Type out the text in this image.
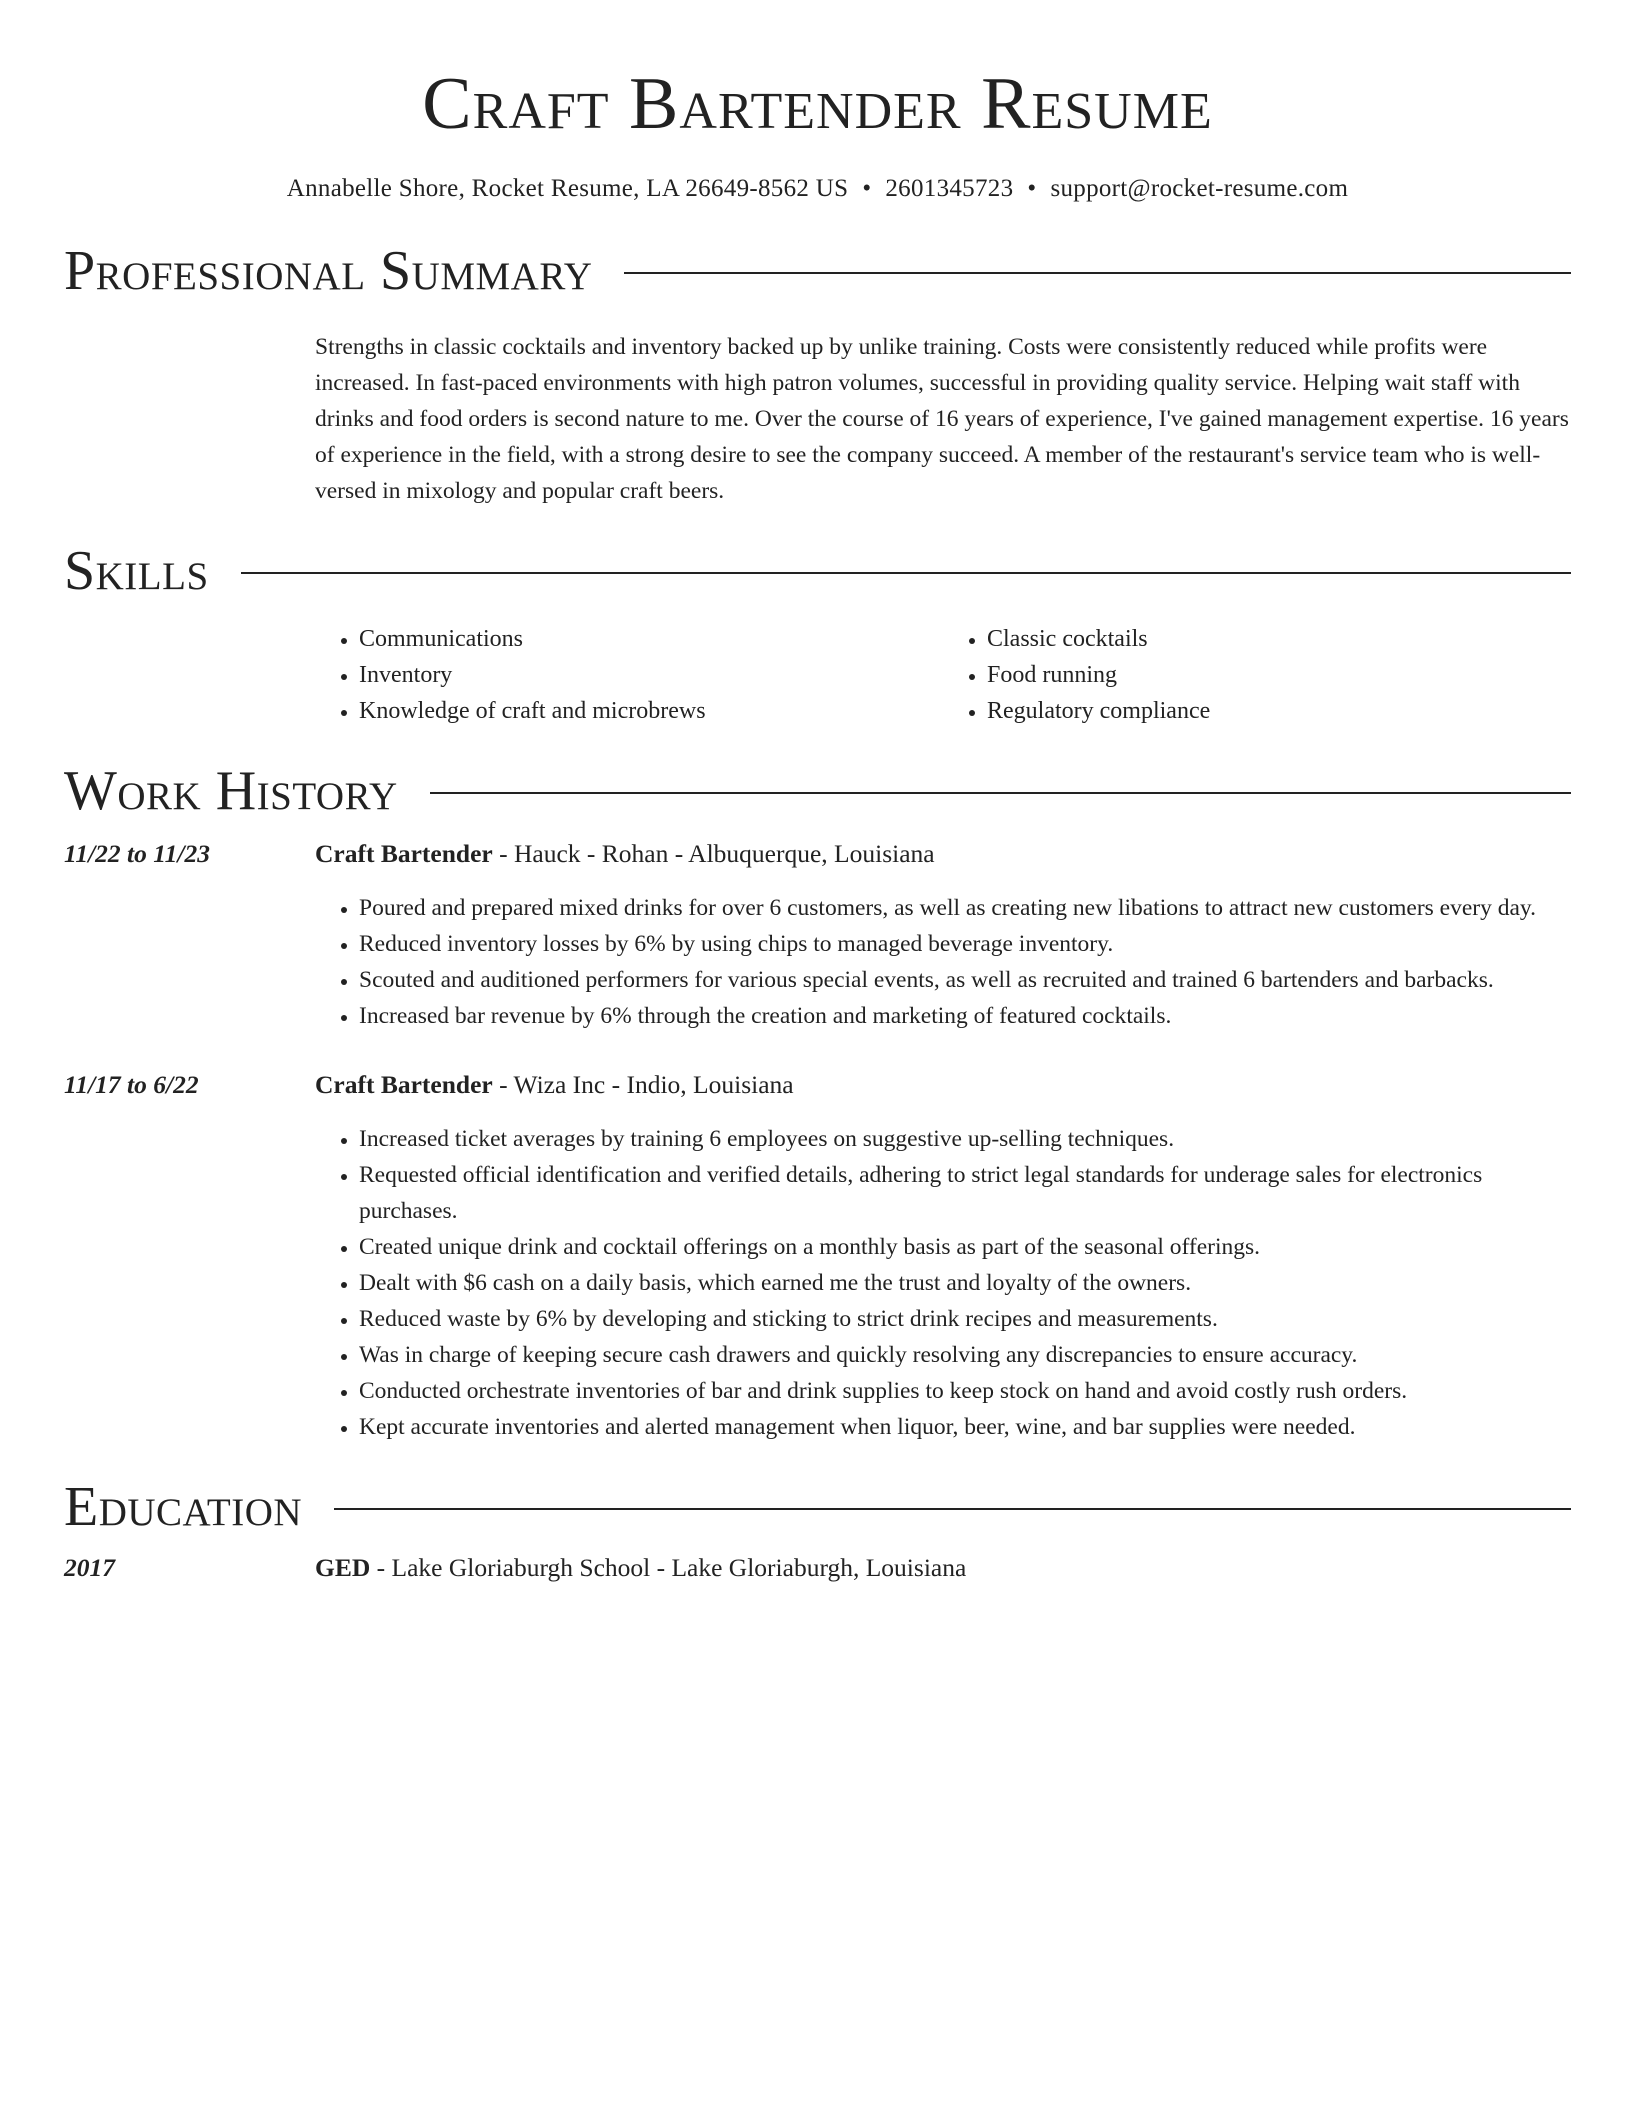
Craft Bartender Resume
Annabelle Shore, Rocket Resume, LA 26649-8562 US • 2601345723 • support@rocket-resume.com
Professional Summary
Strengths in classic cocktails and inventory backed up by unlike training. Costs were consistently reduced while profits were increased. In fast-paced environments with high patron volumes, successful in providing quality service. Helping wait staff with drinks and food orders is second nature to me. Over the course of 16 years of experience, I've gained management expertise. 16 years of experience in the field, with a strong desire to see the company succeed. A member of the restaurant's service team who is well-versed in mixology and popular craft beers.
Skills
• Communications
• Inventory
• Knowledge of craft and microbrews
• Classic cocktails
• Food running
• Regulatory compliance
Work History
11/22 to 11/23	Craft Bartender - Hauck - Rohan - Albuquerque, Louisiana
• Poured and prepared mixed drinks for over 6 customers, as well as creating new libations to attract new customers every day.
• Reduced inventory losses by 6% by using chips to managed beverage inventory.
• Scouted and auditioned performers for various special events, as well as recruited and trained 6 bartenders and barbacks.
• Increased bar revenue by 6% through the creation and marketing of featured cocktails.
11/17 to 6/22	Craft Bartender - Wiza Inc - Indio, Louisiana
• Increased ticket averages by training 6 employees on suggestive up-selling techniques.
• Requested official identification and verified details, adhering to strict legal standards for underage sales for electronics purchases.
• Created unique drink and cocktail offerings on a monthly basis as part of the seasonal offerings.
• Dealt with $6 cash on a daily basis, which earned me the trust and loyalty of the owners.
• Reduced waste by 6% by developing and sticking to strict drink recipes and measurements.
• Was in charge of keeping secure cash drawers and quickly resolving any discrepancies to ensure accuracy.
• Conducted orchestrate inventories of bar and drink supplies to keep stock on hand and avoid costly rush orders.
• Kept accurate inventories and alerted management when liquor, beer, wine, and bar supplies were needed.
Education
2017	GED - Lake Gloriaburgh School - Lake Gloriaburgh, Louisiana
